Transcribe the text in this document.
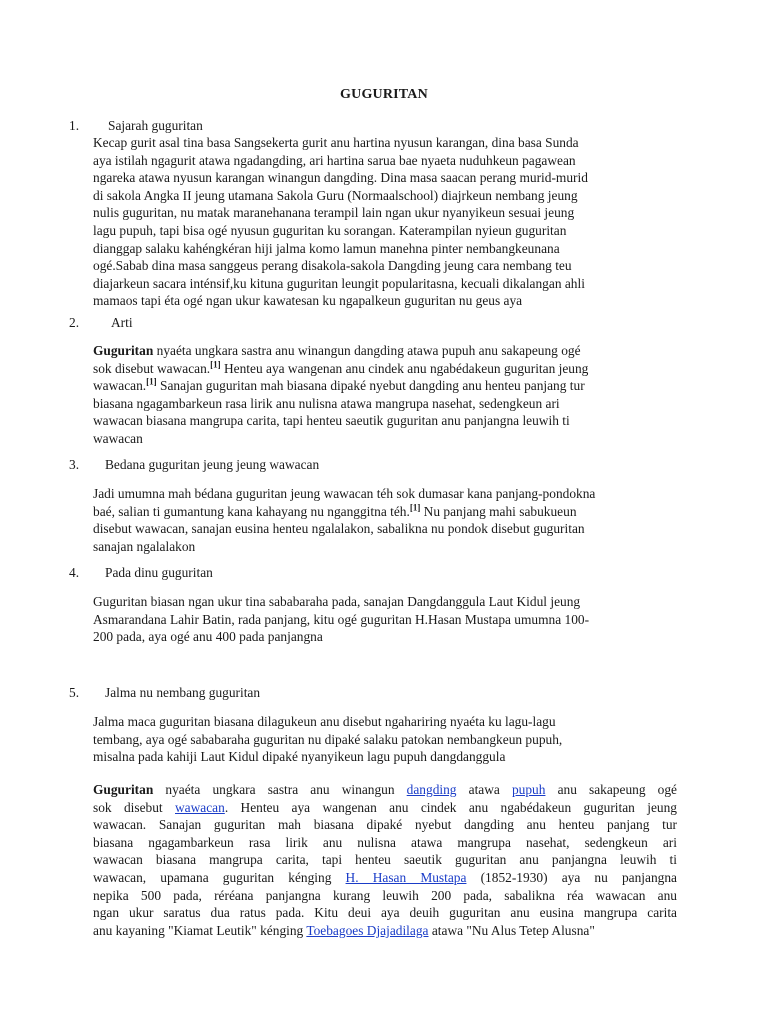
GUGURITAN
1. Sajarah guguritan
Kecap gurit asal tina basa Sangsekerta gurit anu hartina nyusun karangan, dina basa Sunda
aya istilah ngagurit atawa ngadangding, ari hartina sarua bae nyaeta nuduhkeun pagawean
ngareka atawa nyusun karangan winangun dangding. Dina masa saacan perang murid-murid
di sakola Angka II jeung utamana Sakola Guru (Normaalschool) diajrkeun nembang jeung
nulis guguritan, nu matak maranehanana terampil lain ngan ukur nyanyikeun sesuai jeung
lagu pupuh, tapi bisa ogé nyusun guguritan ku sorangan. Katerampilan nyieun guguritan
dianggap salaku kahéngkéran hiji jalma komo lamun manehna pinter nembangkeunana
ogé.Sabab dina masa sanggeus perang disakola-sakola Dangding jeung cara nembang teu
diajarkeun sacara inténsif,ku kituna guguritan leungit popularitasna, kecuali dikalangan ahli
mamaos tapi éta ogé ngan ukur kawatesan ku ngapalkeun guguritan nu geus aya
2. Arti
Guguritan nyaéta ungkara sastra anu winangun dangding atawa pupuh anu sakapeung ogé
sok disebut wawacan.[1] Henteu aya wangenan anu cindek anu ngabédakeun guguritan jeung
wawacan.[1] Sanajan guguritan mah biasana dipaké nyebut dangding anu henteu panjang tur
biasana ngagambarkeun rasa lirik anu nulisna atawa mangrupa nasehat, sedengkeun ari
wawacan biasana mangrupa carita, tapi henteu saeutik guguritan anu panjangna leuwih ti
wawacan
3. Bedana guguritan jeung jeung wawacan
Jadi umumna mah bédana guguritan jeung wawacan téh sok dumasar kana panjang-pondokna
baé, salian ti gumantung kana kahayang nu nganggitna téh.[1] Nu panjang mahi sabukueun
disebut wawacan, sanajan eusina henteu ngalalakon, sabalikna nu pondok disebut guguritan
sanajan ngalalakon
4. Pada dinu guguritan
Guguritan biasan ngan ukur tina sababaraha pada, sanajan Dangdanggula Laut Kidul jeung
Asmarandana Lahir Batin, rada panjang, kitu ogé guguritan H.Hasan Mustapa umumna 100-
200 pada, aya ogé anu 400 pada panjangna
5. Jalma nu nembang guguritan
Jalma maca guguritan biasana dilagukeun anu disebut ngahariring nyaéta ku lagu-lagu
tembang, aya ogé sababaraha guguritan nu dipaké salaku patokan nembangkeun pupuh,
misalna pada kahiji Laut Kidul dipaké nyanyikeun lagu pupuh dangdanggula
Guguritan nyaéta ungkara sastra anu winangun dangding atawa pupuh anu sakapeung ogé
sok disebut wawacan. Henteu aya wangenan anu cindek anu ngabédakeun guguritan jeung
wawacan. Sanajan guguritan mah biasana dipaké nyebut dangding anu henteu panjang tur
biasana ngagambarkeun rasa lirik anu nulisna atawa mangrupa nasehat, sedengkeun ari
wawacan biasana mangrupa carita, tapi henteu saeutik guguritan anu panjangna leuwih ti
wawacan, upamana guguritan kénging H. Hasan Mustapa (1852-1930) aya nu panjangna
nepika 500 pada, réréana panjangna kurang leuwih 200 pada, sabalikna réa wawacan anu
ngan ukur saratus dua ratus pada. Kitu deui aya deuih guguritan anu eusina mangrupa carita
anu kayaning "Kiamat Leutik" kénging Toebagoes Djajadilaga atawa "Nu Alus Tetep Alusna"
